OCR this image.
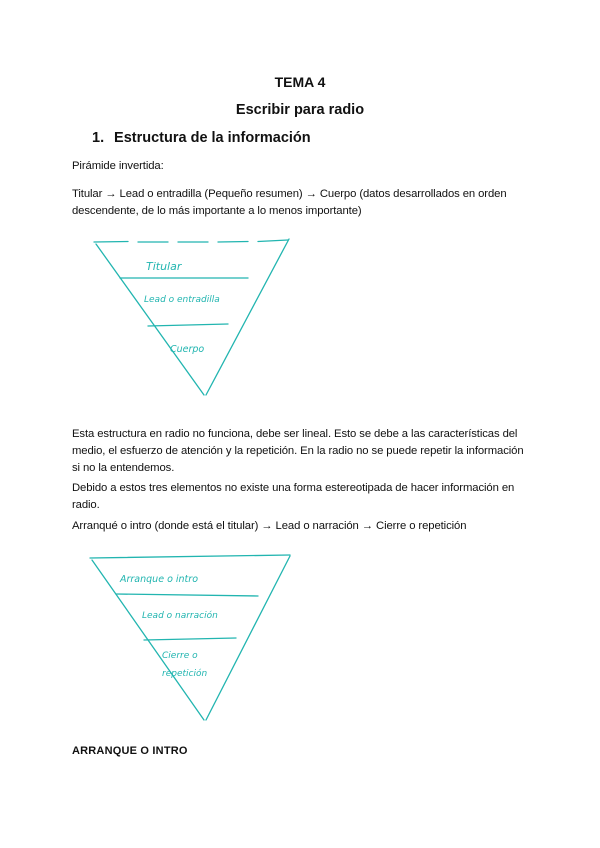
TEMA 4
Escribir para radio
1. Estructura de la información
Pirámide invertida:
Titular → Lead o entradilla (Pequeño resumen) → Cuerpo (datos desarrollados en orden descendente, de lo más importante a lo menos importante)
Titular
Lead o entradilla
Cuerpo
Esta estructura en radio no funciona, debe ser lineal. Esto se debe a las características del medio, el esfuerzo de atención y la repetición. En la radio no se puede repetir la información si no la entendemos.
Debido a estos tres elementos no existe una forma estereotipada de hacer información en radio.
Arranqué o intro (donde está el titular) → Lead o narración → Cierre o repetición
Arranque o intro
Lead o narración
Cierre o
repetición
ARRANQUE O INTRO
